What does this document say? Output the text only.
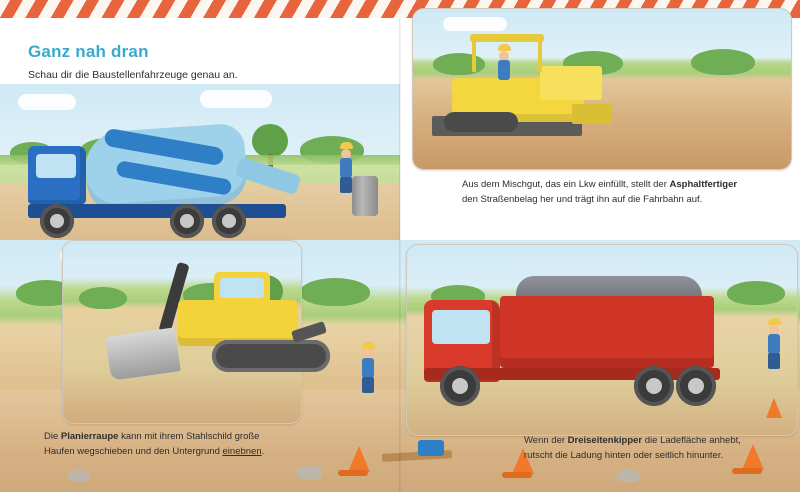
Ganz nah dran
Schau dir die Baustellenfahrzeuge genau an.

Aus dem Mischgut, das ein Lkw einfüllt, stellt der Asphaltfertiger
den Straßenbelag her und trägt ihn auf die Fahrbahn auf.
Die Planierraupe kann mit ihrem Stahlschild große
Haufen wegschieben und den Untergrund einebnen.
Wenn der Dreiseitenkipper die Ladefläche anhebt,
rutscht die Ladung hinten oder seitlich hinunter.
